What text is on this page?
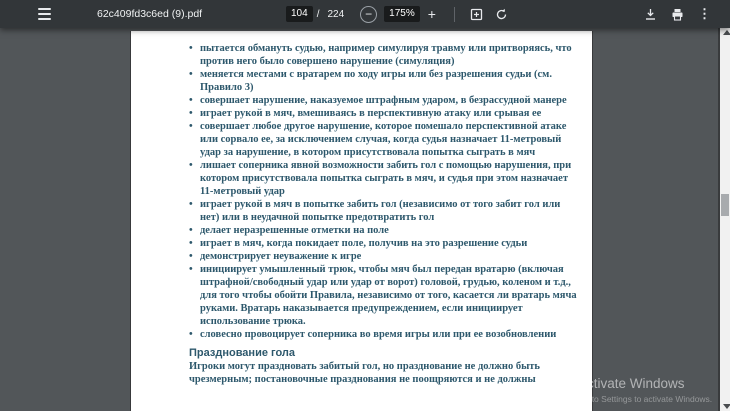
62c409fd3c6ed (9).pdf	104 / 224	−	175% +	⋮
• пытается обмануть судью, например симулируя травму или притворяясь, что против него было совершено нарушение (симуляция)
• меняется местами с вратарем по ходу игры или без разрешения судьи (см. Правило 3)
• совершает нарушение, наказуемое штрафным ударом, в безрассудной манере
• играет рукой в мяч, вмешиваясь в перспективную атаку или срывая ее
• совершает любое другое нарушение, которое помешало перспективной атаке или сорвало ее, за исключением случая, когда судья назначает 11-метровый удар за нарушение, в котором присутствовала попытка сыграть в мяч
• лишает соперника явной возможности забить гол с помощью нарушения, при котором присутствовала попытка сыграть в мяч, и судья при этом назначает 11-метровый удар
• играет рукой в мяч в попытке забить гол (независимо от того забит гол или нет) или в неудачной попытке предотвратить гол
• делает неразрешенные отметки на поле
• играет в мяч, когда покидает поле, получив на это разрешение судьи
• демонстрирует неуважение к игре
• инициирует умышленный трюк, чтобы мяч был передан вратарю (включая штрафной/свободный удар или удар от ворот) головой, грудью, коленом и т.д., для того чтобы обойти Правила, независимо от того, касается ли вратарь мяча руками. Вратарь наказывается предупреждением, если инициирует использование трюка.
• словесно провоцирует соперника во время игры или при ее возобновлении
Празднование гола
Игроки могут праздновать забитый гол, но празднование не должно быть чрезмерным; постановочные празднования не поощряются и не должны	Activate Windows
Go to Settings to activate Windows.
